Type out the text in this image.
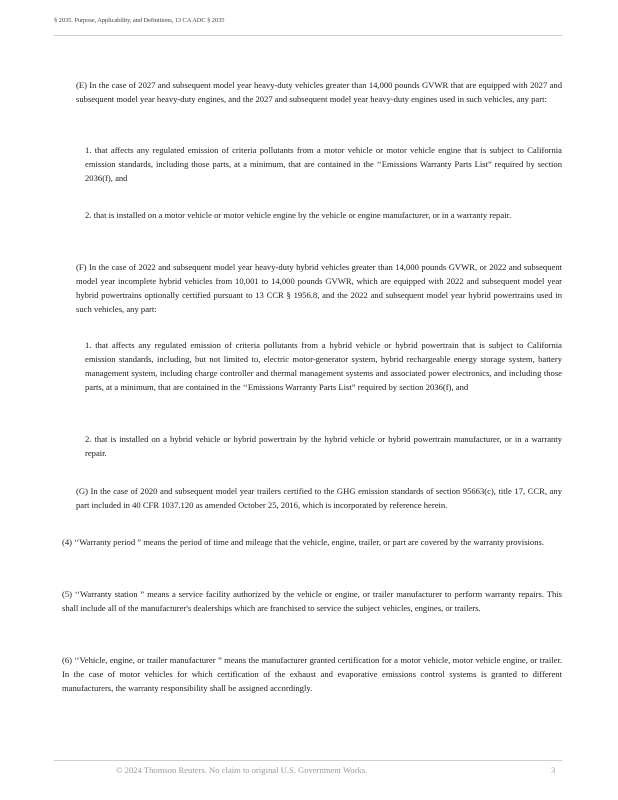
§ 2035. Purpose, Applicability, and Definitions, 13 CA ADC § 2035

(E) In the case of 2027 and subsequent model year heavy-duty vehicles greater than 14,000 pounds GVWR that are equipped with 2027 and subsequent model year heavy-duty engines, and the 2027 and subsequent model year heavy-duty engines used in such vehicles, any part:

1. that affects any regulated emission of criteria pollutants from a motor vehicle or motor vehicle engine that is subject to California emission standards, including those parts, at a minimum, that are contained in the ‘‘Emissions Warranty Parts List” required by section 2036(f), and

2. that is installed on a motor vehicle or motor vehicle engine by the vehicle or engine manufacturer, or in a warranty repair.

(F) In the case of 2022 and subsequent model year heavy-duty hybrid vehicles greater than 14,000 pounds GVWR, or 2022 and subsequent model year incomplete hybrid vehicles from 10,001 to 14,000 pounds GVWR, which are equipped with 2022 and subsequent model year hybrid powertrains optionally certified pursuant to 13 CCR § 1956.8, and the 2022 and subsequent model year hybrid powertrains used in such vehicles, any part:

1. that affects any regulated emission of criteria pollutants from a hybrid vehicle or hybrid powertrain that is subject to California emission standards, including, but not limited to, electric motor-generator system, hybrid rechargeable energy storage system, battery management system, including charge controller and thermal management systems and associated power electronics, and including those parts, at a minimum, that are contained in the ‘‘Emissions Warranty Parts List” required by section 2036(f), and

2. that is installed on a hybrid vehicle or hybrid powertrain by the hybrid vehicle or hybrid powertrain manufacturer, or in a warranty repair.

(G) In the case of 2020 and subsequent model year trailers certified to the GHG emission standards of section 95663(c), title 17, CCR, any part included in 40 CFR 1037.120 as amended October 25, 2016, which is incorporated by reference herein.

(4) ‘‘Warranty period ” means the period of time and mileage that the vehicle, engine, trailer, or part are covered by the warranty provisions.

(5) ‘‘Warranty station ” means a service facility authorized by the vehicle or engine, or trailer manufacturer to perform warranty repairs. This shall include all of the manufacturer's dealerships which are franchised to service the subject vehicles, engines, or trailers.

(6) ‘‘Vehicle, engine, or trailer manufacturer ” means the manufacturer granted certification for a motor vehicle, motor vehicle engine, or trailer. In the case of motor vehicles for which certification of the exhaust and evaporative emissions control systems is granted to different manufacturers, the warranty responsibility shall be assigned accordingly.

© 2024 Thomson Reuters. No claim to original U.S. Government Works.	3
